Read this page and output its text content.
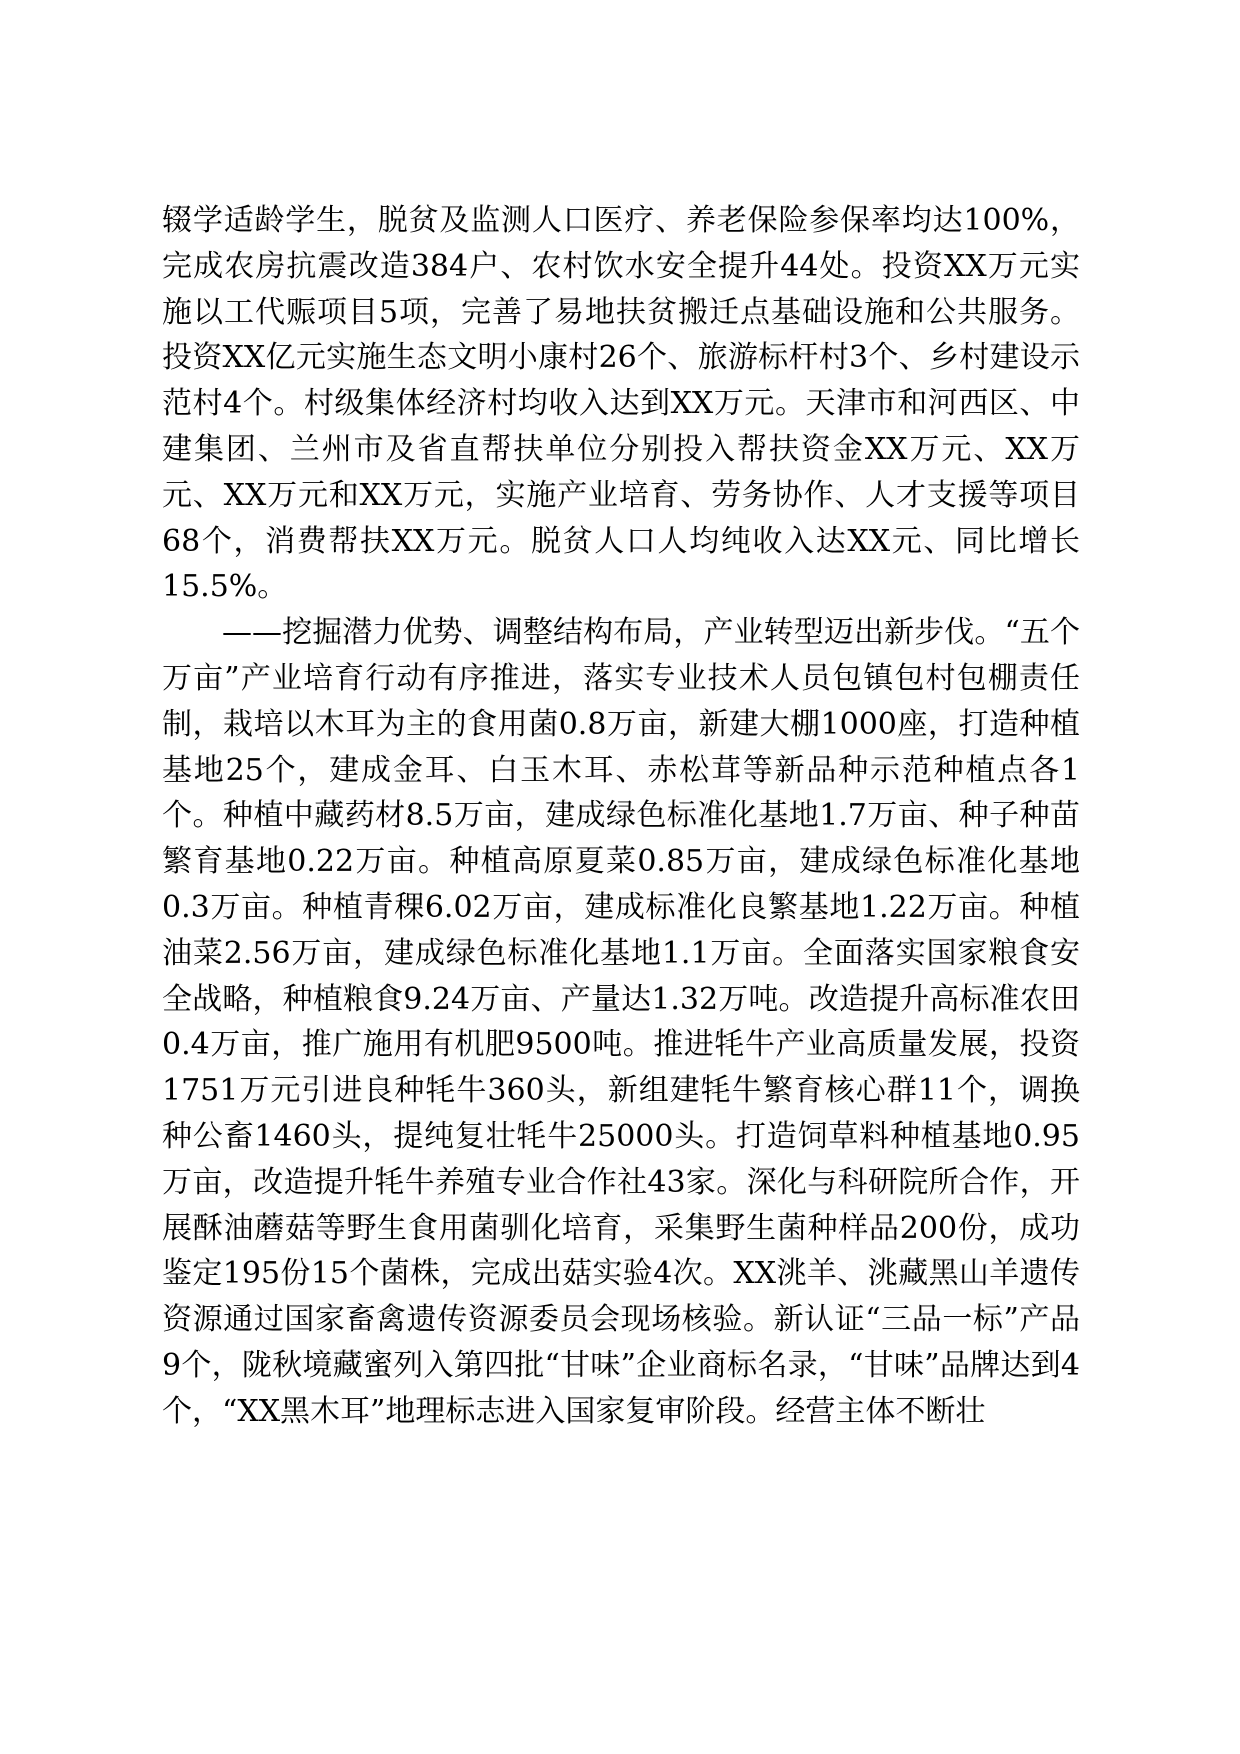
辍学适龄学生，脱贫及监测人口医疗、养老保险参保率均达100%，完成农房抗震改造384户、农村饮水安全提升44处。投资XX万元实施以工代赈项目5项，完善了易地扶贫搬迁点基础设施和公共服务。投资XX亿元实施生态文明小康村26个、旅游标杆村3个、乡村建设示范村4个。村级集体经济村均收入达到XX万元。天津市和河西区、中建集团、兰州市及省直帮扶单位分别投入帮扶资金XX万元、XX万元、XX万元和XX万元，实施产业培育、劳务协作、人才支援等项目68个，消费帮扶XX万元。脱贫人口人均纯收入达XX元、同比增长15.5%。

——挖掘潜力优势、调整结构布局，产业转型迈出新步伐。“五个万亩”产业培育行动有序推进，落实专业技术人员包镇包村包棚责任制，栽培以木耳为主的食用菌0.8万亩，新建大棚1000座，打造种植基地25个，建成金耳、白玉木耳、赤松茸等新品种示范种植点各1个。种植中藏药材8.5万亩，建成绿色标准化基地1.7万亩、种子种苗繁育基地0.22万亩。种植高原夏菜0.85万亩，建成绿色标准化基地0.3万亩。种植青稞6.02万亩，建成标准化良繁基地1.22万亩。种植油菜2.56万亩，建成绿色标准化基地1.1万亩。全面落实国家粮食安全战略，种植粮食9.24万亩、产量达1.32万吨。改造提升高标准农田0.4万亩，推广施用有机肥9500吨。推进牦牛产业高质量发展，投资1751万元引进良种牦牛360头，新组建牦牛繁育核心群11个，调换种公畜1460头，提纯复壮牦牛25000头。打造饲草料种植基地0.95万亩，改造提升牦牛养殖专业合作社43家。深化与科研院所合作，开展酥油蘑菇等野生食用菌驯化培育，采集野生菌种样品200份，成功鉴定195份15个菌株，完成出菇实验4次。XX洮羊、洮藏黑山羊遗传资源通过国家畜禽遗传资源委员会现场核验。新认证“三品一标”产品9个，陇秋境藏蜜列入第四批“甘味”企业商标名录，“甘味”品牌达到4个，“XX黑木耳”地理标志进入国家复审阶段。经营主体不断壮
